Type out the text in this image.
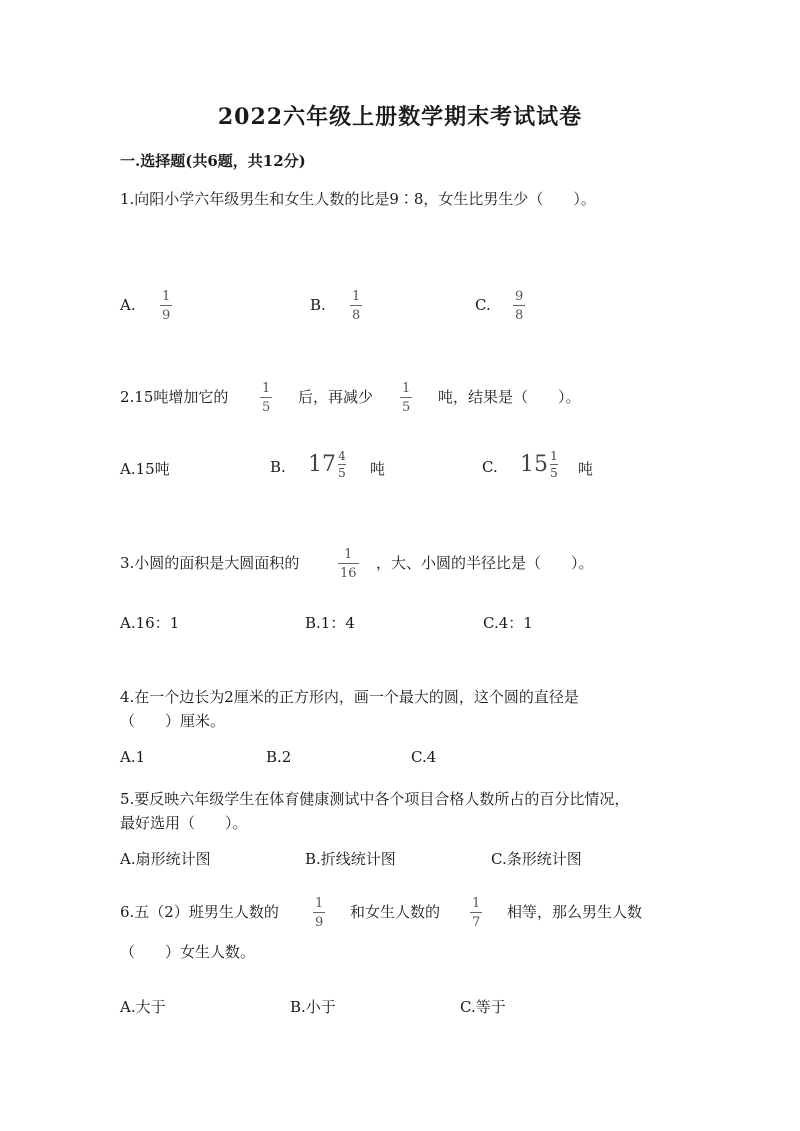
2022六年级上册数学期末考试试卷
一.选择题(共6题，共12分)
1.向阳小学六年级男生和女生人数的比是9∶8，女生比男生少（　　）。
A. 1
9
B. 1
8
C. 9
8
2.15吨增加它的	1
5
后，再减少 1
5
吨，结果是（　　）。
A.15吨	B. $17 \frac{4}{5}$ 吨	C. $15 \frac{1}{5}$ 吨
3.小圆的面积是大圆面积的	1
16
，大、小圆的半径比是（　　）。
A.16：1	B.1：4	C.4：1
4.在一个边长为2厘米的正方形内，画一个最大的圆，这个圆的直径是
（　　）厘米。
A.1	B.2	C.4
5.要反映六年级学生在体育健康测试中各个项目合格人数所占的百分比情况，
最好选用（　　）。
A.扇形统计图	B.折线统计图	C.条形统计图
6.五（2）班男生人数的	1
9
和女生人数的 1
7
相等，那么男生人数
（　　）女生人数。
A.大于	B.小于	C.等于
